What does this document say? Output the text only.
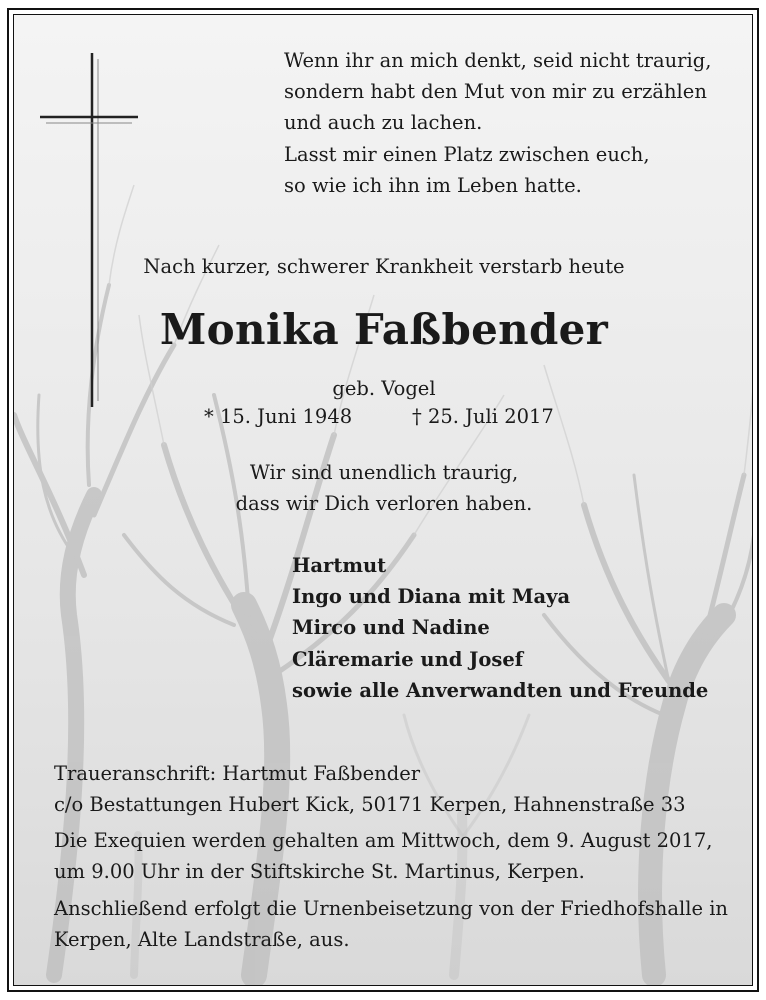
Wenn ihr an mich denkt, seid nicht traurig,
sondern habt den Mut von mir zu erzählen
und auch zu lachen.
Lasst mir einen Platz zwischen euch,
so wie ich ihn im Leben hatte.
Nach kurzer, schwerer Krankheit verstarb heute
Monika Faßbender
geb. Vogel
* 15. Juni 1948	† 25. Juli 2017
Wir sind unendlich traurig,
dass wir Dich verloren haben.
Hartmut
Ingo und Diana mit Maya
Mirco und Nadine
Cläremarie und Josef
sowie alle Anverwandten und Freunde
Traueranschrift: Hartmut Faßbender
c/o Bestattungen Hubert Kick, 50171 Kerpen, Hahnenstraße 33
Die Exequien werden gehalten am Mittwoch, dem 9. August 2017,
um 9.00 Uhr in der Stiftskirche St. Martinus, Kerpen.
Anschließend erfolgt die Urnenbeisetzung von der Friedhofshalle in
Kerpen, Alte Landstraße, aus.
